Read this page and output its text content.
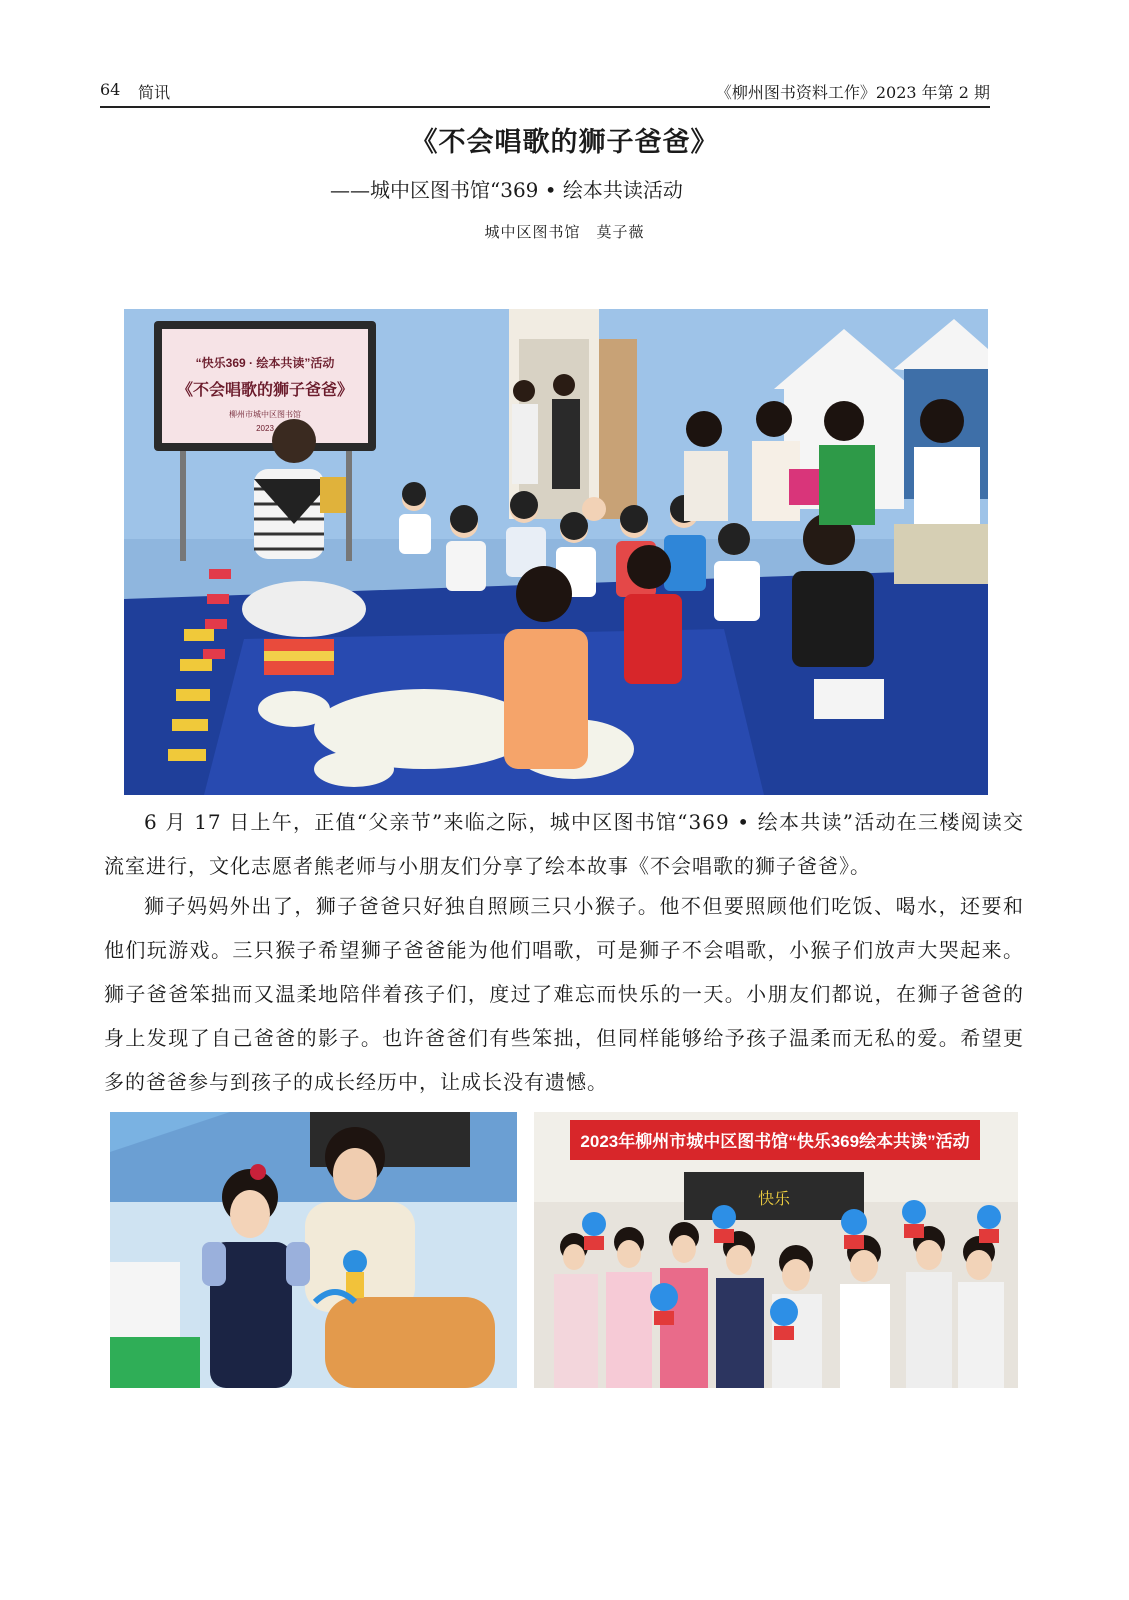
64 简讯	《柳州图书资料工作》2023 年第 2 期
《不会唱歌的狮子爸爸》
——城中区图书馆“369 • 绘本共读活动
城中区图书馆　莫子薇
“快乐369 · 绘本共读”活动
《不会唱歌的狮子爸爸》
柳州市城中区图书馆
2023

6 月 17 日上午，正值“父亲节”来临之际，城中区图书馆“369 • 绘本共读”活动在三楼阅读交流室进行，文化志愿者熊老师与小朋友们分享了绘本故事《不会唱歌的狮子爸爸》。

狮子妈妈外出了，狮子爸爸只好独自照顾三只小猴子。他不但要照顾他们吃饭、喝水，还要和他们玩游戏。三只猴子希望狮子爸爸能为他们唱歌，可是狮子不会唱歌，小猴子们放声大哭起来。狮子爸爸笨拙而又温柔地陪伴着孩子们，度过了难忘而快乐的一天。小朋友们都说，在狮子爸爸的身上发现了自己爸爸的影子。也许爸爸们有些笨拙，但同样能够给予孩子温柔而无私的爱。希望更多的爸爸参与到孩子的成长经历中，让成长没有遗憾。

2023年柳州市城中区图书馆“快乐369绘本共读”活动
快乐
